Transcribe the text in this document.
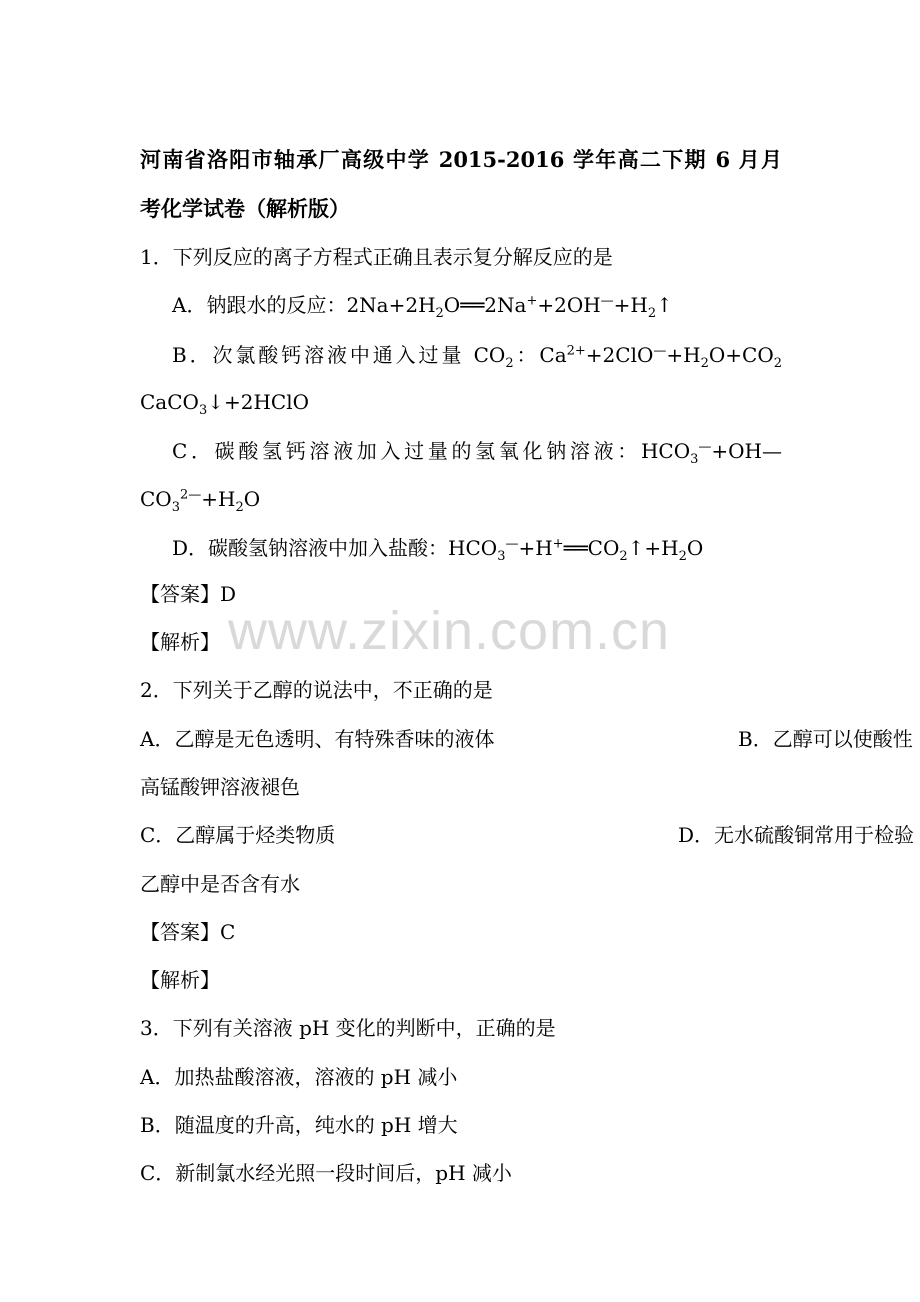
www.zixin.com.cn
河南省洛阳市轴承厂高级中学 2015-2016 学年高二下期 6 月月
考化学试卷（解析版）
1．下列反应的离子方程式正确且表示复分解反应的是
A．钠跟水的反应：$2Na+2H_2O══2Na^++2OH^—+H_2↑$
B．次氯酸钙溶液中通入过量 $CO_2$：$Ca^{2+}+2ClO^—+H_2O+CO_2$
CaCO$_3$↓+2HClO
C．碳酸氢钙溶液加入过量的氢氧化钠溶液：$HCO_3^—+OH—$
$CO_3^{2—}+H_2O$
D．碳酸氢钠溶液中加入盐酸：$HCO_3^—+H^+══CO_2↑+H_2O$
【答案】D
【解析】
2．下列关于乙醇的说法中，不正确的是
A．乙醇是无色透明、有特殊香味的液体	B．乙醇可以使酸性
高锰酸钾溶液褪色
C．乙醇属于烃类物质	D．无水硫酸铜常用于检验
乙醇中是否含有水
【答案】C
【解析】
3．下列有关溶液 pH 变化的判断中，正确的是
A．加热盐酸溶液，溶液的 pH 减小
B．随温度的升高，纯水的 pH 增大
C．新制氯水经光照一段时间后，pH 减小
